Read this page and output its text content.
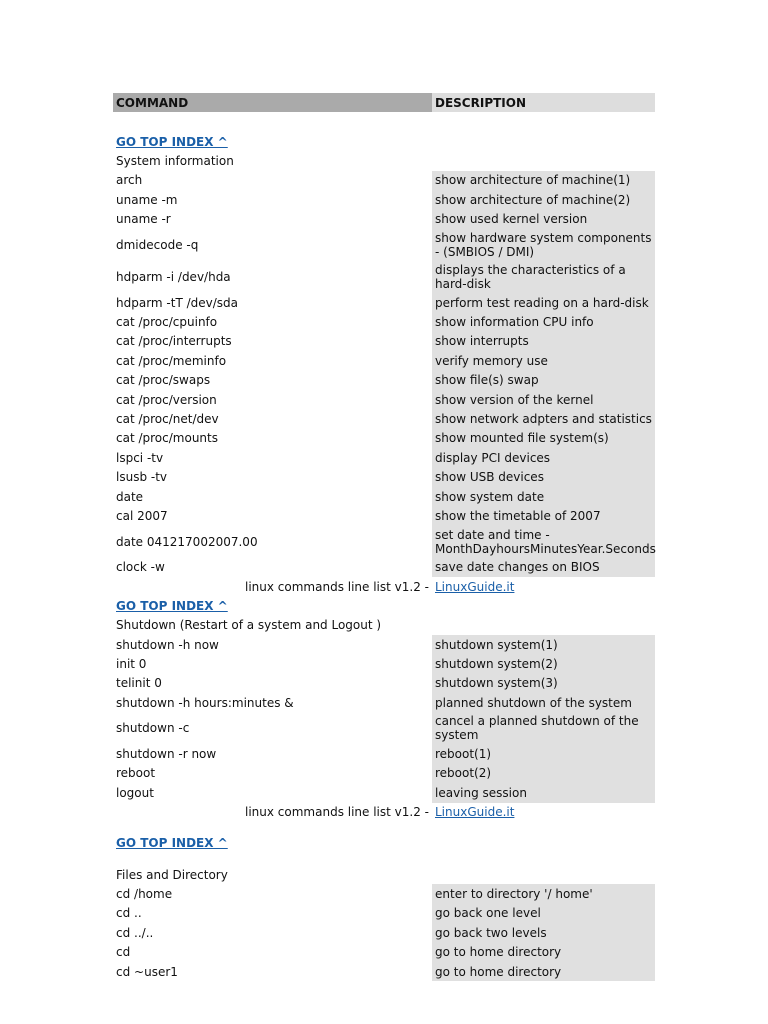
COMMAND	DESCRIPTION
GO TOP INDEX ^
System information
arch	show architecture of machine(1)
uname -m	show architecture of machine(2)
uname -r	show used kernel version
dmidecode -q	show hardware system components - (SMBIOS / DMI)
hdparm -i /dev/hda	displays the characteristics of a hard-disk
hdparm -tT /dev/sda	perform test reading on a hard-disk
cat /proc/cpuinfo	show information CPU info
cat /proc/interrupts	show interrupts
cat /proc/meminfo	verify memory use
cat /proc/swaps	show file(s) swap
cat /proc/version	show version of the kernel
cat /proc/net/dev	show network adpters and statistics
cat /proc/mounts	show mounted file system(s)
lspci -tv	display PCI devices
lsusb -tv	show USB devices
date	show system date
cal 2007	show the timetable of 2007
date 041217002007.00	set date and time - MonthDayhoursMinutesYear.Seconds
clock -w	save date changes on BIOS
linux commands line list v1.2 - LinuxGuide.it
GO TOP INDEX ^
Shutdown (Restart of a system and Logout )
shutdown -h now	shutdown system(1)
init 0	shutdown system(2)
telinit 0	shutdown system(3)
shutdown -h hours:minutes &	planned shutdown of the system
shutdown -c	cancel a planned shutdown of the system
shutdown -r now	reboot(1)
reboot	reboot(2)
logout	leaving session
linux commands line list v1.2 - LinuxGuide.it
GO TOP INDEX ^
Files and Directory
cd /home	enter to directory '/ home'
cd ..	go back one level
cd ../..	go back two levels
cd	go to home directory
cd ~user1	go to home directory
